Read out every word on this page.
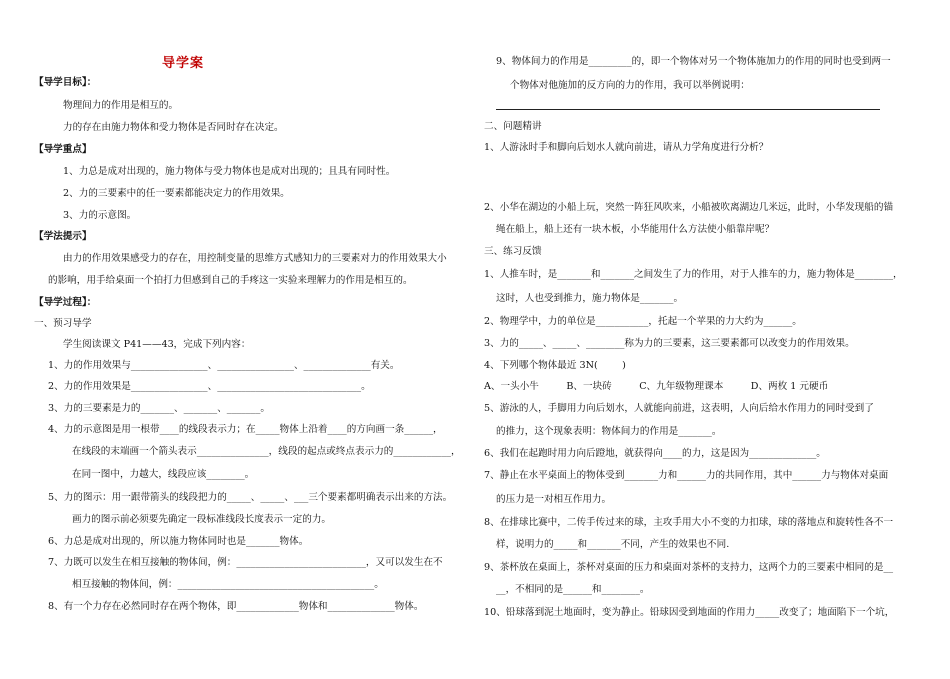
导学案
【导学目标】：
物理间力的作用是相互的。
力的存在由施力物体和受力物体是否同时存在决定。
【导学重点】
1、力总是成对出现的，施力物体与受力物体也是成对出现的；且具有同时性。
2、力的三要素中的任一要素都能决定力的作用效果。
3、力的示意图。
【学法提示】
由力的作用效果感受力的存在，用控制变量的思维方式感知力的三要素对力的作用效果大小
的影响，用手给桌面一个拍打力但感到自己的手疼这一实验来理解力的作用是相互的。
【导学过程】：
一、预习导学
学生阅读课文 P41——43，完成下列内容：
1、力的作用效果与________________、________________、______________有关。
2、力的作用效果是________________、______________________________。
3、力的三要素是力的_______、_______、_______。
4、力的示意图是用一根带____的线段表示力；在_____物体上沿着____的方向画一条______，
在线段的末端画一个箭头表示_______________，线段的起点或终点表示力的____________，
在同一图中，力越大，线段应该________。
5、力的图示：用一跟带箭头的线段把力的_____、_____、___三个要素都明确表示出来的方法。
画力的图示前必须要先确定一段标准线段长度表示一定的力。
6、力总是成对出现的，所以施力物体同时也是_______物体。
7、力既可以发生在相互接触的物体间，例：___________________________，又可以发生在不
相互接触的物体间，例：_________________________________________。
8、有一个力存在必然同时存在两个物体，即_____________物体和______________物体。
9、物体间力的作用是_________的，即一个物体对另一个物体施加力的作用的同时也受到两一
个物体对他施加的反方向的力的作用，我可以举例说明：
二、问题精讲
1、人游泳时手和脚向后划水人就向前进，请从力学角度进行分析？
2、小华在湖边的小船上玩，突然一阵狂风吹来，小船被吹离湖边几米远，此时，小华发现船的锚
绳在船上，船上还有一块木板，小华能用什么方法使小船靠岸呢？
三、练习反馈
1、人推车时，是_______和_______之间发生了力的作用，对于人推车的力，施力物体是________，
这时，人也受到推力，施力物体是_______。
2、物理学中，力的单位是___________，托起一个苹果的力大约为______。
3、力的_____、_____、________称为力的三要素，这三要素都可以改变力的作用效果。
4、下列哪个物体最近 3N(        )
A、一头小牛         B、一块砖         C、九年级物理课本         D、两枚 1 元硬币
5、游泳的人，手脚用力向后划水，人就能向前进，这表明，人向后给水作用力的同时受到了
的推力，这个现象表明：物体间力的作用是_______。
6、我们在起跑时用力向后蹬地，就获得向____的力，这是因为______________。
7、静止在水平桌面上的物体受到_______力和______力的共同作用，其中______力与物体对桌面
的压力是一对相互作用力。
8、在排球比赛中，二传手传过来的球，主攻手用大小不变的力扣球，球的落地点和旋转性各不一
样，说明力的_____和_______不同，产生的效果也不同.
9、茶杯放在桌面上，茶杯对桌面的压力和桌面对茶杯的支持力，这两个力的三要素中相同的是__
__，不相同的是______和________。
10、铅球落到泥土地面时，变为静止。铅球因受到地面的作用力_____改变了；地面陷下一个坑，
